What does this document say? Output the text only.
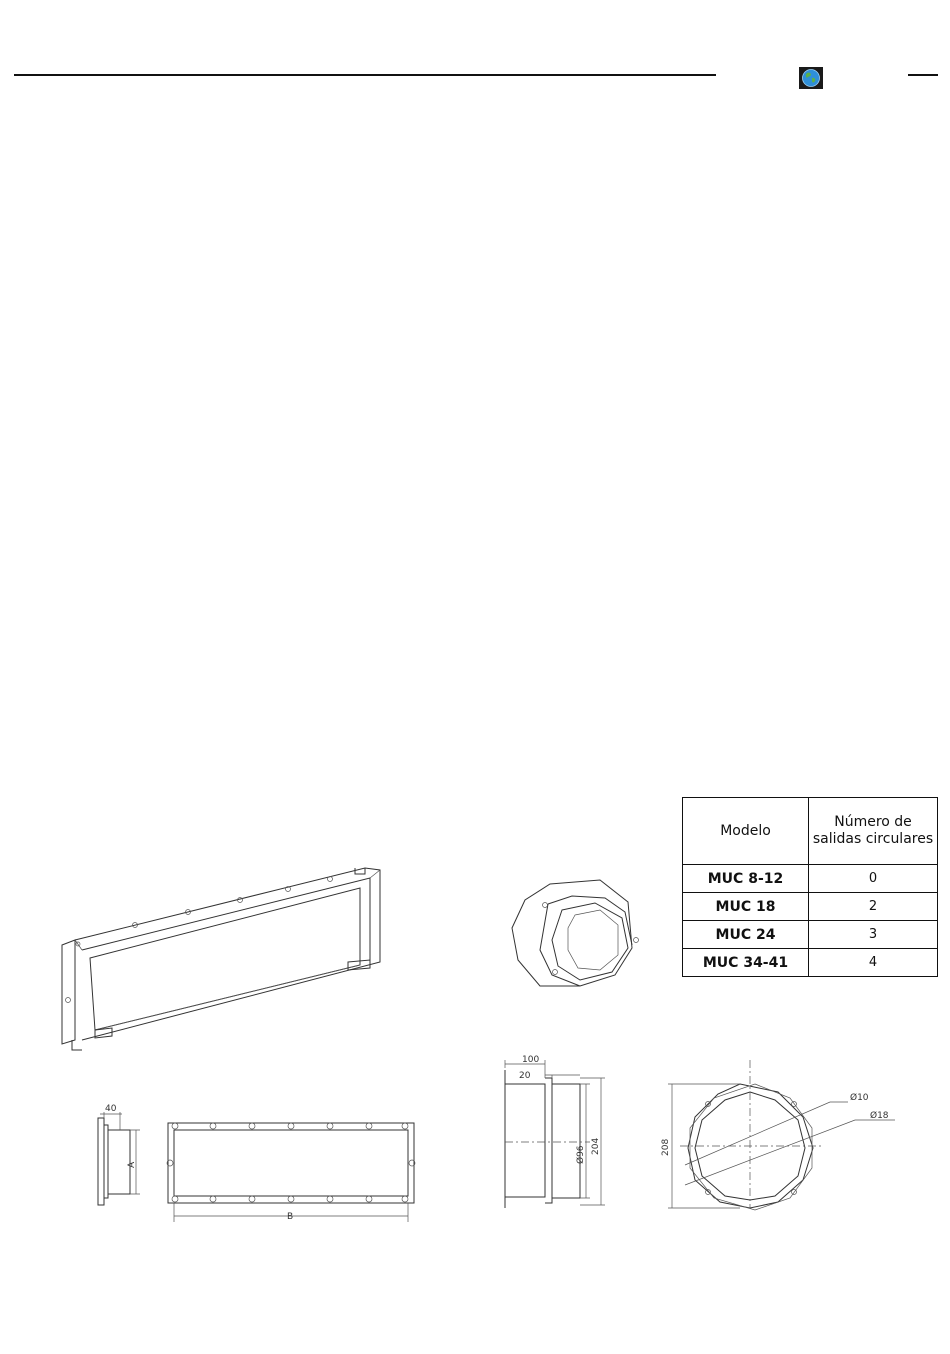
Modelo	Número de salidas circulares
MUC 8-12	0
MUC 18	2
MUC 24	3
MUC 34-41	4
40
A
B
100
20
Ø96 204	208
Ø10
Ø18
